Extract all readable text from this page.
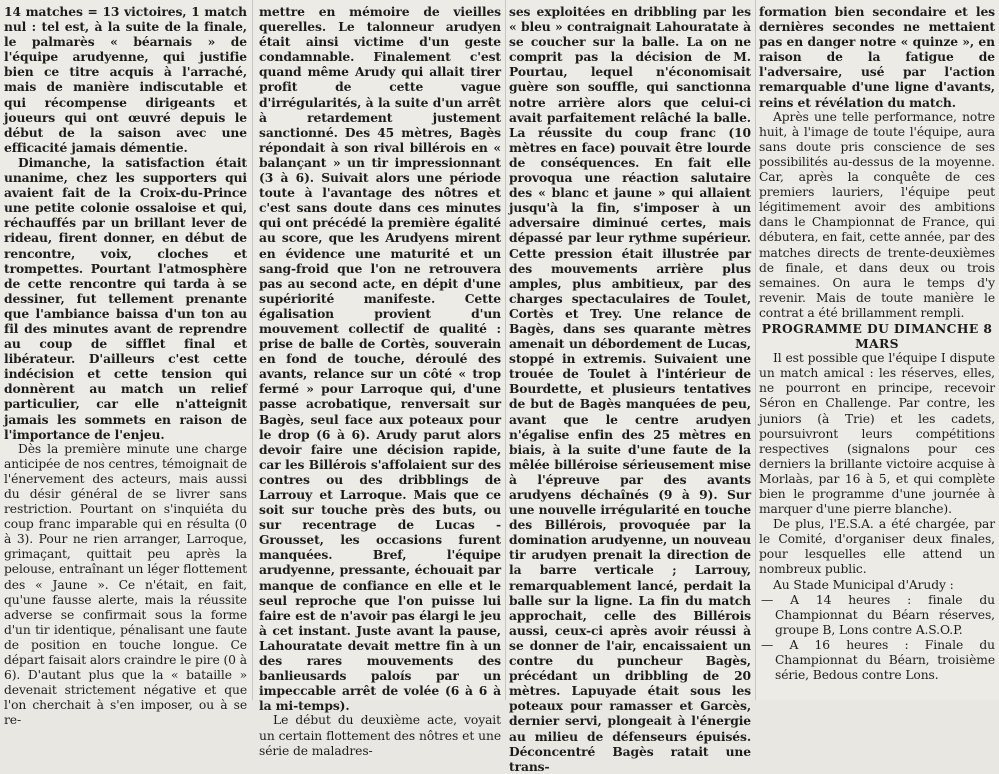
14 matches = 13 victoires, 1 match nul : tel est, à la suite de la finale, le palmarès « béarnais » de l'équipe arudyenne, qui justifie bien ce titre acquis à l'arraché, mais de manière indiscutable et qui récompense dirigeants et joueurs qui ont œuvré depuis le début de la saison avec une efficacité jamais démentie.

Dimanche, la satisfaction était unanime, chez les supporters qui avaient fait de la Croix-du-Prince une petite colonie ossaloise et qui, réchauffés par un brillant lever de rideau, firent donner, en début de rencontre, voix, cloches et trompettes. Pourtant l'atmosphère de cette rencontre qui tarda à se dessiner, fut tellement prenante que l'ambiance baissa d'un ton au fil des minutes avant de reprendre au coup de sifflet final et libérateur. D'ailleurs c'est cette indécision et cette tension qui donnèrent au match un relief particulier, car elle n'atteignit jamais les sommets en raison de l'importance de l'enjeu.

Dès la première minute une charge anticipée de nos centres, témoignait de l'énervement des acteurs, mais aussi du désir général de se livrer sans restriction. Pourtant on s'inquiéta du coup franc imparable qui en résulta (0 à 3). Pour ne rien arranger, Larroque, grimaçant, quittait peu après la pelouse, entraînant un léger flottement des « Jaune ». Ce n'était, en fait, qu'une fausse alerte, mais la réussite adverse se confirmait sous la forme d'un tir identique, pénalisant une faute de position en touche longue. Ce départ faisait alors craindre le pire (0 à 6). D'autant plus que la « bataille » devenait strictement négative et que l'on cherchait à s'en imposer, ou à se re-

mettre en mémoire de vieilles querelles. Le talonneur arudyen était ainsi victime d'un geste condamnable. Finalement c'est quand même Arudy qui allait tirer profit de cette vague d'irrégularités, à la suite d'un arrêt à retardement justement sanctionné. Des 45 mètres, Bagès répondait à son rival billérois en « balançant » un tir impressionnant (3 à 6). Suivait alors une période toute à l'avantage des nôtres et c'est sans doute dans ces minutes qui ont précédé la première égalité au score, que les Arudyens mirent en évidence une maturité et un sang-froid que l'on ne retrouvera pas au second acte, en dépit d'une supériorité manifeste. Cette égalisation provient d'un mouvement collectif de qualité : prise de balle de Cortès, souverain en fond de touche, déroulé des avants, relance sur un côté « trop fermé » pour Larroque qui, d'une passe acrobatique, renversait sur Bagès, seul face aux poteaux pour le drop (6 à 6). Arudy parut alors devoir faire une décision rapide, car les Billérois s'affolaient sur des contres ou des dribblings de Larrouy et Larroque. Mais que ce soit sur touche près des buts, ou sur recentrage de Lucas - Grousset, les occasions furent manquées. Bref, l'équipe arudyenne, pressante, échouait par manque de confiance en elle et le seul reproche que l'on puisse lui faire est de n'avoir pas élargi le jeu à cet instant. Juste avant la pause, Lahouratate devait mettre fin à un des rares mouvements des banlieusards paloís par un impeccable arrêt de volée (6 à 6 à la mi-temps).

Le début du deuxième acte, voyait un certain flottement des nôtres et une série de maladres-

ses exploitées en dribbling par les « bleu » contraignait Lahouratate à se coucher sur la balle. La on ne comprit pas la décision de M. Pourtau, lequel n'économisait guère son souffle, qui sanctionna notre arrière alors que celui-ci avait parfaitement relâché la balle. La réussite du coup franc (10 mètres en face) pouvait être lourde de conséquences. En fait elle provoqua une réaction salutaire des « blanc et jaune » qui allaient jusqu'à la fin, s'imposer à un adversaire diminué certes, mais dépassé par leur rythme supérieur. Cette pression était illustrée par des mouvements arrière plus amples, plus ambitieux, par des charges spectaculaires de Toulet, Cortès et Trey. Une relance de Bagès, dans ses quarante mètres amenait un débordement de Lucas, stoppé in extremis. Suivaient une trouée de Toulet à l'intérieur de Bourdette, et plusieurs tentatives de but de Bagès manquées de peu, avant que le centre arudyen n'égalise enfin des 25 mètres en biais, à la suite d'une faute de la mêlée billéroise sérieusement mise à l'épreuve par des avants arudyens déchaînés (9 à 9). Sur une nouvelle irrégularité en touche des Billérois, provoquée par la domination arudyenne, un nouveau tir arudyen prenait la direction de la barre verticale ; Larrouy, remarquablement lancé, perdait la balle sur la ligne. La fin du match approchait, celle des Billérois aussi, ceux-ci après avoir réussi à se donner de l'air, encaissaient un contre du puncheur Bagès, précédant un dribbling de 20 mètres. Lapuyade était sous les poteaux pour ramasser et Garcès, dernier servi, plongeait à l'énergie au milieu de défenseurs épuisés. Déconcentré Bagès ratait une trans-

formation bien secondaire et les dernières secondes ne mettaient pas en danger notre « quinze », en raison de la fatigue de l'adversaire, usé par l'action remarquable d'une ligne d'avants, reins et révélation du match.

Après une telle performance, notre huit, à l'image de toute l'équipe, aura sans doute pris conscience de ses possibilités au-dessus de la moyenne. Car, après la conquête de ces premiers lauriers, l'équipe peut légitimement avoir des ambitions dans le Championnat de France, qui débutera, en fait, cette année, par des matches directs de trente-deuxièmes de finale, et dans deux ou trois semaines. On aura le temps d'y revenir. Mais de toute manière le contrat a été brillamment rempli.

PROGRAMME DU DIMANCHE 8 MARS

Il est possible que l'équipe I dispute un match amical : les réserves, elles, ne pourront en principe, recevoir Séron en Challenge. Par contre, les juniors (à Trie) et les cadets, poursuivront leurs compétitions respectives (signalons pour ces derniers la brillante victoire acquise à Morlaàs, par 16 à 5, et qui complète bien le programme d'une journée à marquer d'une pierre blanche).

De plus, l'E.S.A. a été chargée, par le Comité, d'organiser deux finales, pour lesquelles elle attend un nombreux public.

Au Stade Municipal d'Arudy :

— A 14 heures : finale du Championnat du Béarn réserves, groupe B, Lons contre A.S.O.P.

— A 16 heures : Finale du Championnat du Béarn, troisième série, Bedous contre Lons.
